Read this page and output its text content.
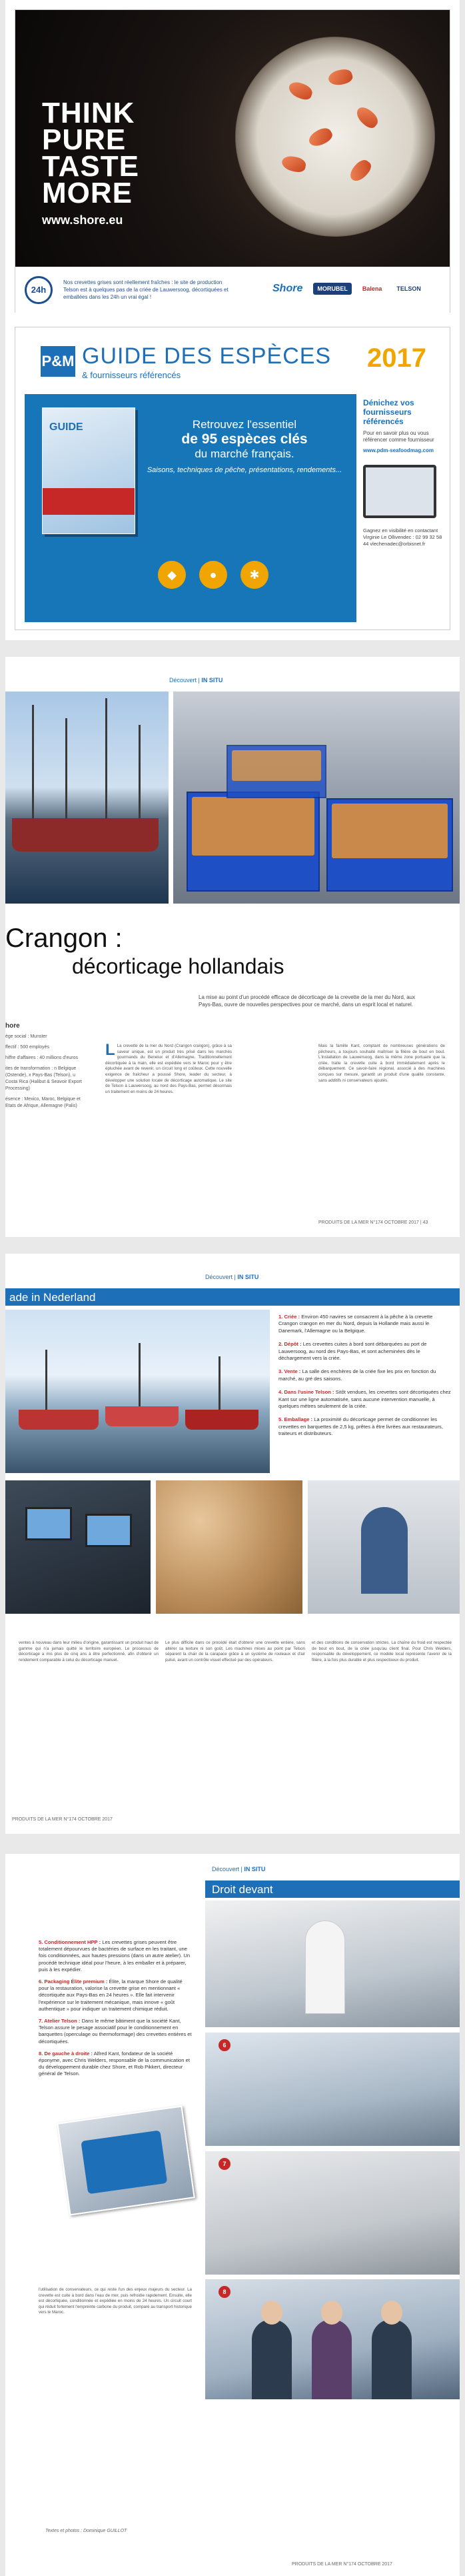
THINK
PURE
TASTE
MORE
www.shore.eu
24h
Nos crevettes grises sont réellement fraîches : le site de production Telson est à quelques pas de la criée de Lauwersoog, décortiquées et emballées dans les 24h un vrai égal !
Shore	MORUBEL	Balena	TELSON
P&M GUIDE DES ESPÈCES
& fournisseurs référencés
2017
GUIDE	Retrouvez l'essentiel
de 95 espèces clés
du marché français.
Saisons, techniques de pêche, présentations, rendements...
◆	●	✱
Dénichez vos fournisseurs référencés
Pour en savoir plus ou vous référencer comme fournisseur
www.pdm-seafoodmag.com
Gagnez en visibilité en contactant Virginie Le Ollivendec : 02 99 32 58 44 vlechenadec@orbisnet.fr
Découvert | IN SITU
Crangon :
décorticage hollandais
La mise au point d'un procédé efficace de décorticage de la crevette de la mer du Nord, aux Pays-Bas, ouvre de nouvelles perspectives pour ce marché, dans un esprit local et naturel.
hore

ège social : Munster

ffectif : 500 employés

hiffre d'affaires : 40 millions d'euros

ites de transformation : n Belgique (Ostende), x Pays-Bas (Telson), u Costa Rica (Halibut & Seavoir Export Processing)

ésence : Mexico, Maroc, Belgique et Etats de Afrique, Allemagne (Palis)

L La crevette de la mer du Nord (Crangon crangon), grâce à sa saveur unique, est un produit très prisé dans les marchés gourmands du Benelux et d'Allemagne. Traditionnellement décortiquée à la main, elle est expédiée vers le Maroc pour y être épluchée avant de revenir, un circuit long et coûteux. Cette nouvelle exigence de fraîcheur a poussé Shore, leader du secteur, à développer une solution locale de décorticage automatique. Le site de Telson à Lauwersoog, au nord des Pays-Bas, permet désormais un traitement en moins de 24 heures.
Mais la famille Kant, comptant de nombreuses générations de pêcheurs, a toujours souhaité maîtriser la filière de bout en bout. L'installation de Lauwersoog, dans la même zone portuaire que la criée, traite la crevette cuite à bord immédiatement après le débarquement. Ce savoir-faire régional, associé à des machines conçues sur mesure, garantit un produit d'une qualité constante, sans additifs ni conservateurs ajoutés.
PRODUITS DE LA MER N°174 OCTOBRE 2017 | 43
Découvert | IN SITU
ade in Nederland

1. Criée : Environ 450 navires se consacrent à la pêche à la crevette Crangon crangon en mer du Nord, depuis la Hollande mais aussi le Danemark, l'Allemagne ou la Belgique.

2. Dépôt : Les crevettes cuites à bord sont débarquées au port de Lauwersoog, au nord des Pays-Bas, et sont acheminées dès le déchargement vers la criée.

3. Vente : La salle des enchères de la criée fixe les prix en fonction du marché, au gré des saisons.

4. Dans l'usine Telson : Sitôt vendues, les crevettes sont décortiquées chez Kant sur une ligne automatisée, sans aucune intervention manuelle, à quelques mètres seulement de la criée.

5. Emballage : La proximité du décorticage permet de conditionner les crevettes en barquettes de 2,5 kg, prêtes à être livrées aux restaurateurs, traiteurs et distributeurs.

ventes à nouveau dans leur milieu d'origine, garantissant un produit haut de gamme qui n'a jamais quitté le territoire européen. Le processus de décorticage a mis plus de cinq ans à être perfectionné, afin d'obtenir un rendement comparable à celui du décorticage manuel.
Le plus difficile dans ce procédé était d'obtenir une crevette entière, sans altérer sa texture ni son goût. Les machines mises au point par Telson séparent la chair de la carapace grâce à un système de rouleaux et d'air pulsé, avant un contrôle visuel effectué par des opérateurs.
et des conditions de conservation strictes. La chaîne du froid est respectée de bout en bout, de la criée jusqu'au client final. Pour Chris Welders, responsable du développement, ce modèle local représente l'avenir de la filière, à la fois plus durable et plus respectueux du produit.
PRODUITS DE LA MER N°174 OCTOBRE 2017
Découvert | IN SITU
Droit devant

5. Conditionnement HPP : Les crevettes grises peuvent être totalement dépourvues de bactéries de surface en les traitant, une fois conditionnées, aux hautes pressions (dans un autre atelier). Un procédé technique idéal pour l'heure, à les emballer et à préparer, puis à les expédier.

6. Packaging Élite premium : Élite, la marque Shore de qualité pour la restauration, valorise la crevette grise en mentionnant « décortiquée aux Pays-Bas en 24 heures ». Elle fait intervenir l'expérience sur le traitement mécanique, mais innove « goût authentique » pour indiquer un traitement chimique réduit.

7. Atelier Telson : Dans le même bâtiment que la société Kant, Telson assure le pesage associatif pour le conditionnement en barquettes (operculage ou thermoformage) des crevettes entières et décortiquées.

8. De gauche à droite : Alfred Kant, fondateur de la société éponyme, avec Chris Welders, responsable de la communication et du développement durable chez Shore, et Rob Pikkert, directeur général de Telson.

6
7
8
l'utilisation de conservateurs, ce qui reste l'un des enjeux majeurs du secteur. La crevette est cuite à bord dans l'eau de mer, puis refroidie rapidement. Ensuite, elle est décortiquée, conditionnée et expédiée en moins de 24 heures. Un circuit court qui réduit fortement l'empreinte carbone du produit, comparé au transport historique vers le Maroc.
Textes et photos : Dominique GUILLOT
PRODUITS DE LA MER N°174 OCTOBRE 2017
